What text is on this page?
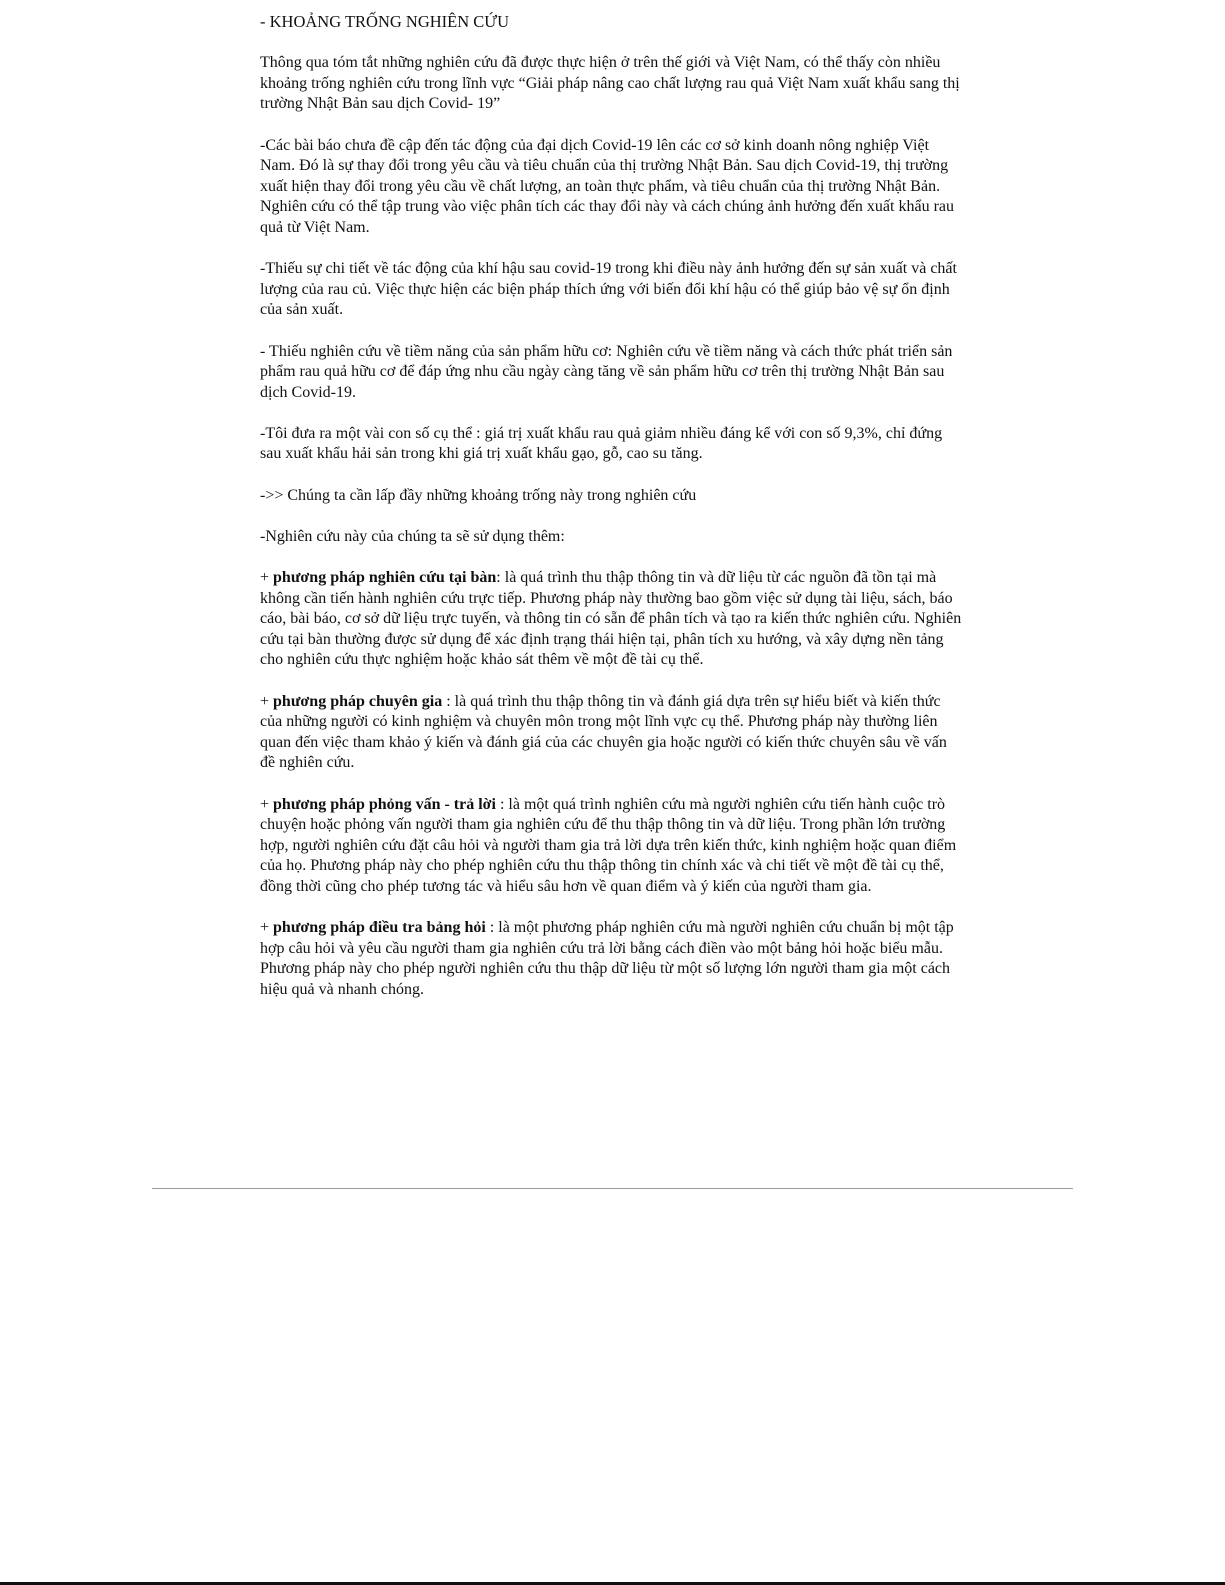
- KHOẢNG TRỐNG NGHIÊN CỨU

Thông qua tóm tắt những nghiên cứu đã được thực hiện ở trên thế giới và Việt Nam, có thể thấy còn nhiều khoảng trống nghiên cứu trong lĩnh vực “Giải pháp nâng cao chất lượng rau quả Việt Nam xuất khẩu sang thị trường Nhật Bản sau dịch Covid- 19”

-Các bài báo chưa đề cập đến tác động của đại dịch Covid-19 lên các cơ sở kinh doanh nông nghiệp Việt Nam. Đó là sự thay đổi trong yêu cầu và tiêu chuẩn của thị trường Nhật Bản. Sau dịch Covid-19, thị trường xuất hiện thay đổi trong yêu cầu về chất lượng, an toàn thực phẩm, và tiêu chuẩn của thị trường Nhật Bản. Nghiên cứu có thể tập trung vào việc phân tích các thay đổi này và cách chúng ảnh hưởng đến xuất khẩu rau quả từ Việt Nam.

-Thiếu sự chi tiết về tác động của khí hậu sau covid-19 trong khi điều này ảnh hưởng đến sự sản xuất và chất lượng của rau củ. Việc thực hiện các biện pháp thích ứng với biến đổi khí hậu có thể giúp bảo vệ sự ổn định của sản xuất.

- Thiếu nghiên cứu về tiềm năng của sản phẩm hữu cơ: Nghiên cứu về tiềm năng và cách thức phát triển sản phẩm rau quả hữu cơ để đáp ứng nhu cầu ngày càng tăng về sản phẩm hữu cơ trên thị trường Nhật Bản sau dịch Covid-19.

-Tôi đưa ra một vài con số cụ thể : giá trị xuất khẩu rau quả giảm nhiều đáng kể với con số 9,3%, chỉ đứng sau xuất khẩu hải sản trong khi giá trị xuất khẩu gạo, gỗ, cao su tăng.

->> Chúng ta cần lấp đầy những khoảng trống này trong nghiên cứu

-Nghiên cứu này của chúng ta sẽ sử dụng thêm:

+ phương pháp nghiên cứu tại bàn: là quá trình thu thập thông tin và dữ liệu từ các nguồn đã tồn tại mà không cần tiến hành nghiên cứu trực tiếp. Phương pháp này thường bao gồm việc sử dụng tài liệu, sách, báo cáo, bài báo, cơ sở dữ liệu trực tuyến, và thông tin có sẵn để phân tích và tạo ra kiến thức nghiên cứu. Nghiên cứu tại bàn thường được sử dụng để xác định trạng thái hiện tại, phân tích xu hướng, và xây dựng nền tảng cho nghiên cứu thực nghiệm hoặc khảo sát thêm về một đề tài cụ thể.

+ phương pháp chuyên gia : là quá trình thu thập thông tin và đánh giá dựa trên sự hiểu biết và kiến thức của những người có kinh nghiệm và chuyên môn trong một lĩnh vực cụ thể. Phương pháp này thường liên quan đến việc tham khảo ý kiến và đánh giá của các chuyên gia hoặc người có kiến thức chuyên sâu về vấn đề nghiên cứu.

+ phương pháp phỏng vấn - trả lời : là một quá trình nghiên cứu mà người nghiên cứu tiến hành cuộc trò chuyện hoặc phỏng vấn người tham gia nghiên cứu để thu thập thông tin và dữ liệu. Trong phần lớn trường hợp, người nghiên cứu đặt câu hỏi và người tham gia trả lời dựa trên kiến thức, kinh nghiệm hoặc quan điểm của họ. Phương pháp này cho phép nghiên cứu thu thập thông tin chính xác và chi tiết về một đề tài cụ thể, đồng thời cũng cho phép tương tác và hiểu sâu hơn về quan điểm và ý kiến của người tham gia.

+ phương pháp điều tra bảng hỏi : là một phương pháp nghiên cứu mà người nghiên cứu chuẩn bị một tập hợp câu hỏi và yêu cầu người tham gia nghiên cứu trả lời bằng cách điền vào một bảng hỏi hoặc biểu mẫu. Phương pháp này cho phép người nghiên cứu thu thập dữ liệu từ một số lượng lớn người tham gia một cách hiệu quả và nhanh chóng.
